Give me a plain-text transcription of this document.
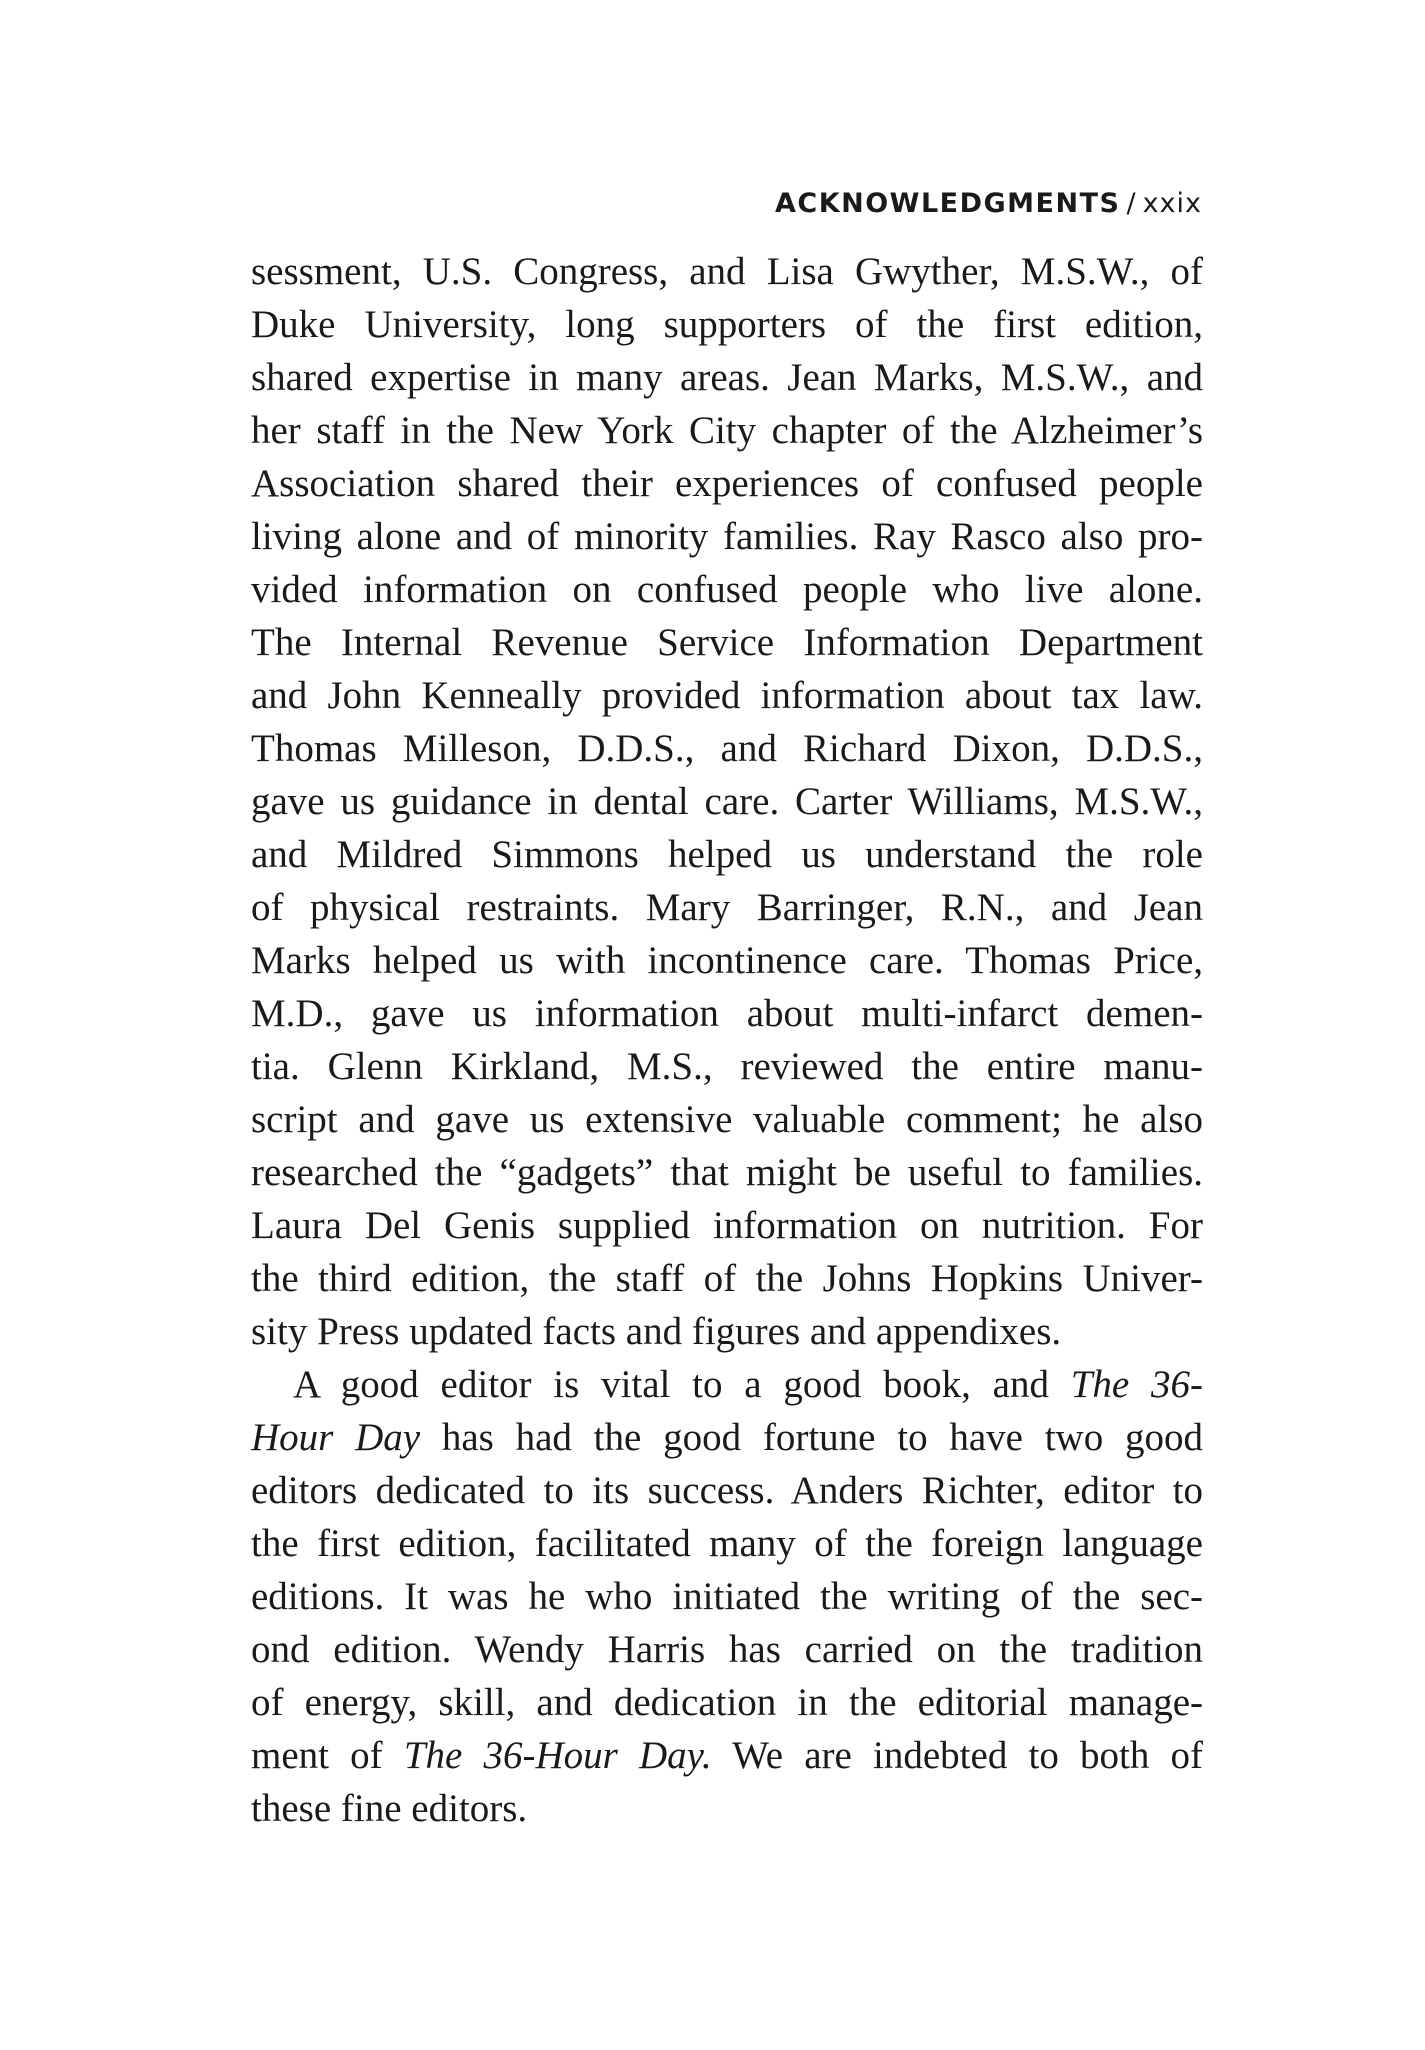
ACKNOWLEDGMENTS / xxix
sessment, U.S. Congress, and Lisa Gwyther, M.S.W., of
Duke University, long supporters of the first edition,
shared expertise in many areas. Jean Marks, M.S.W., and
her staff in the New York City chapter of the Alzheimer’s
Association shared their experiences of confused people
living alone and of minority families. Ray Rasco also pro-
vided information on confused people who live alone.
The Internal Revenue Service Information Department
and John Kenneally provided information about tax law.
Thomas Milleson, D.D.S., and Richard Dixon, D.D.S.,
gave us guidance in dental care. Carter Williams, M.S.W.,
and Mildred Simmons helped us understand the role
of physical restraints. Mary Barringer, R.N., and Jean
Marks helped us with incontinence care. Thomas Price,
M.D., gave us information about multi-infarct demen-
tia. Glenn Kirkland, M.S., reviewed the entire manu-
script and gave us extensive valuable comment; he also
researched the “gadgets” that might be useful to families.
Laura Del Genis supplied information on nutrition. For
the third edition, the staff of the Johns Hopkins Univer-
sity Press updated facts and figures and appendixes.
A good editor is vital to a good book, and The 36-
Hour Day has had the good fortune to have two good
editors dedicated to its success. Anders Richter, editor to
the first edition, facilitated many of the foreign language
editions. It was he who initiated the writing of the sec-
ond edition. Wendy Harris has carried on the tradition
of energy, skill, and dedication in the editorial manage-
ment of The 36-Hour Day. We are indebted to both of
these fine editors.
